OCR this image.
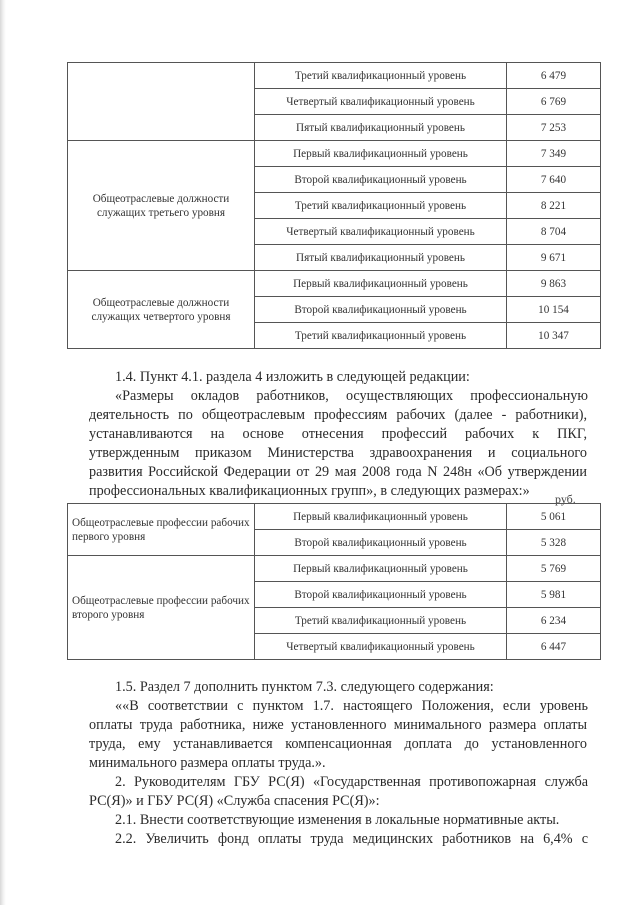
	Третий квалификационный уровень	6 479
	Четвертый квалификационный уровень	6 769
	Пятый квалификационный уровень	7 253
Общеотраслевые должности служащих третьего уровня	Первый квалификационный уровень	7 349
	Второй квалификационный уровень	7 640
	Третий квалификационный уровень	8 221
	Четвертый квалификационный уровень	8 704
	Пятый квалификационный уровень	9 671
Общеотраслевые должности служащих четвертого уровня	Первый квалификационный уровень	9 863
	Второй квалификационный уровень	10 154
	Третий квалификационный уровень	10 347

1.4. Пункт 4.1. раздела 4 изложить в следующей редакции:

«Размеры окладов работников, осуществляющих профессиональную

деятельность по общеотраслевым профессиям рабочих (далее - работники),

устанавливаются на основе отнесения профессий рабочих к ПКГ,

утвержденным приказом Министерства здравоохранения и социального

развития Российской Федерации от 29 мая 2008 года N 248н «Об утверждении

профессиональных квалификационных групп», в следующих размерах:»	руб.
Общеотраслевые профессии рабочих первого уровня	Первый квалификационный уровень	5 061
	Второй квалификационный уровень	5 328
Общеотраслевые профессии рабочих второго уровня	Первый квалификационный уровень	5 769
	Второй квалификационный уровень	5 981
	Третий квалификационный уровень	6 234
	Четвертый квалификационный уровень	6 447

1.5. Раздел 7 дополнить пунктом 7.3. следующего содержания:

««В соответствии с пунктом 1.7. настоящего Положения, если уровень

оплаты труда работника, ниже установленного минимального размера оплаты

труда, ему устанавливается компенсационная доплата до установленного

минимального размера оплаты труда.».

2. Руководителям ГБУ РС(Я) «Государственная противопожарная служба

РС(Я)» и ГБУ РС(Я) «Служба спасения РС(Я)»:

2.1. Внести соответствующие изменения в локальные нормативные акты.

2.2. Увеличить фонд оплаты труда медицинских работников на 6,4% с
